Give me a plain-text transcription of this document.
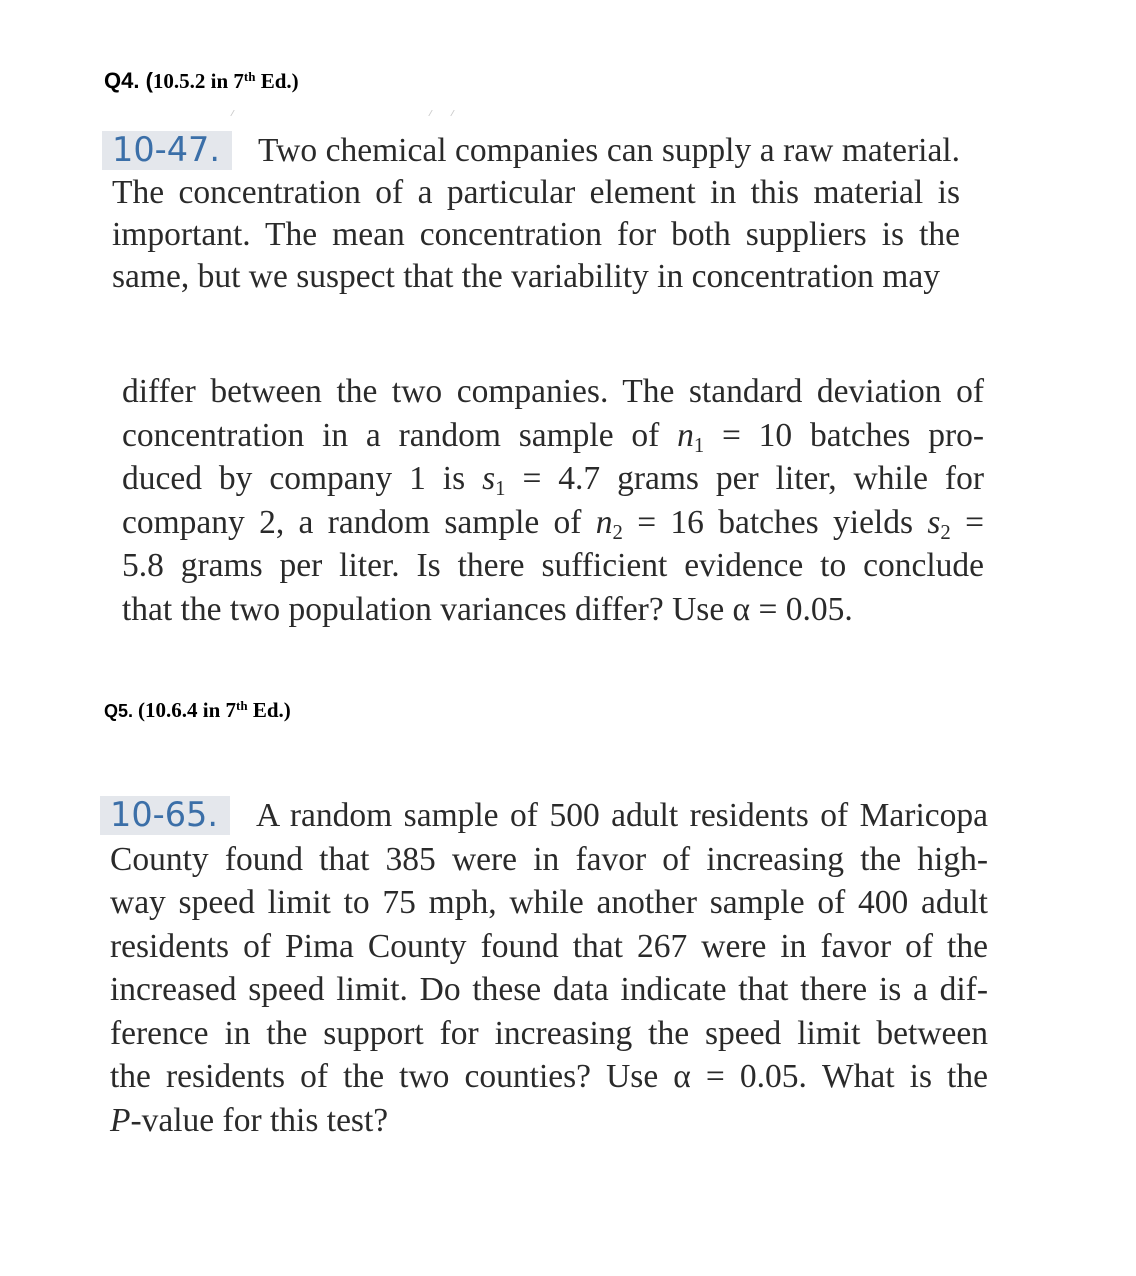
Q4. (10.5.2 in 7th Ed.)
10-47. Two chemical companies can supply a raw material.
The concentration of a particular element in this material is
important. The mean concentration for both suppliers is the
same, but we suspect that the variability in concentration may
differ between the two companies. The standard deviation of
concentration in a random sample of $n_1 = 10$ batches pro-
duced by company 1 is $s_1 = 4.7$ grams per liter, while for
company 2, a random sample of $n_2 = 16$ batches yields $s_2$ =
5.8 grams per liter. Is there sufficient evidence to conclude
that the two population variances differ? Use α = 0.05.
Q5. (10.6.4 in 7th Ed.)
10-65. A random sample of 500 adult residents of Maricopa
County found that 385 were in favor of increasing the high-
way speed limit to 75 mph, while another sample of 400 adult
residents of Pima County found that 267 were in favor of the
increased speed limit. Do these data indicate that there is a dif-
ference in the support for increasing the speed limit between
the residents of the two counties? Use α = 0.05. What is the
P-value for this test?
